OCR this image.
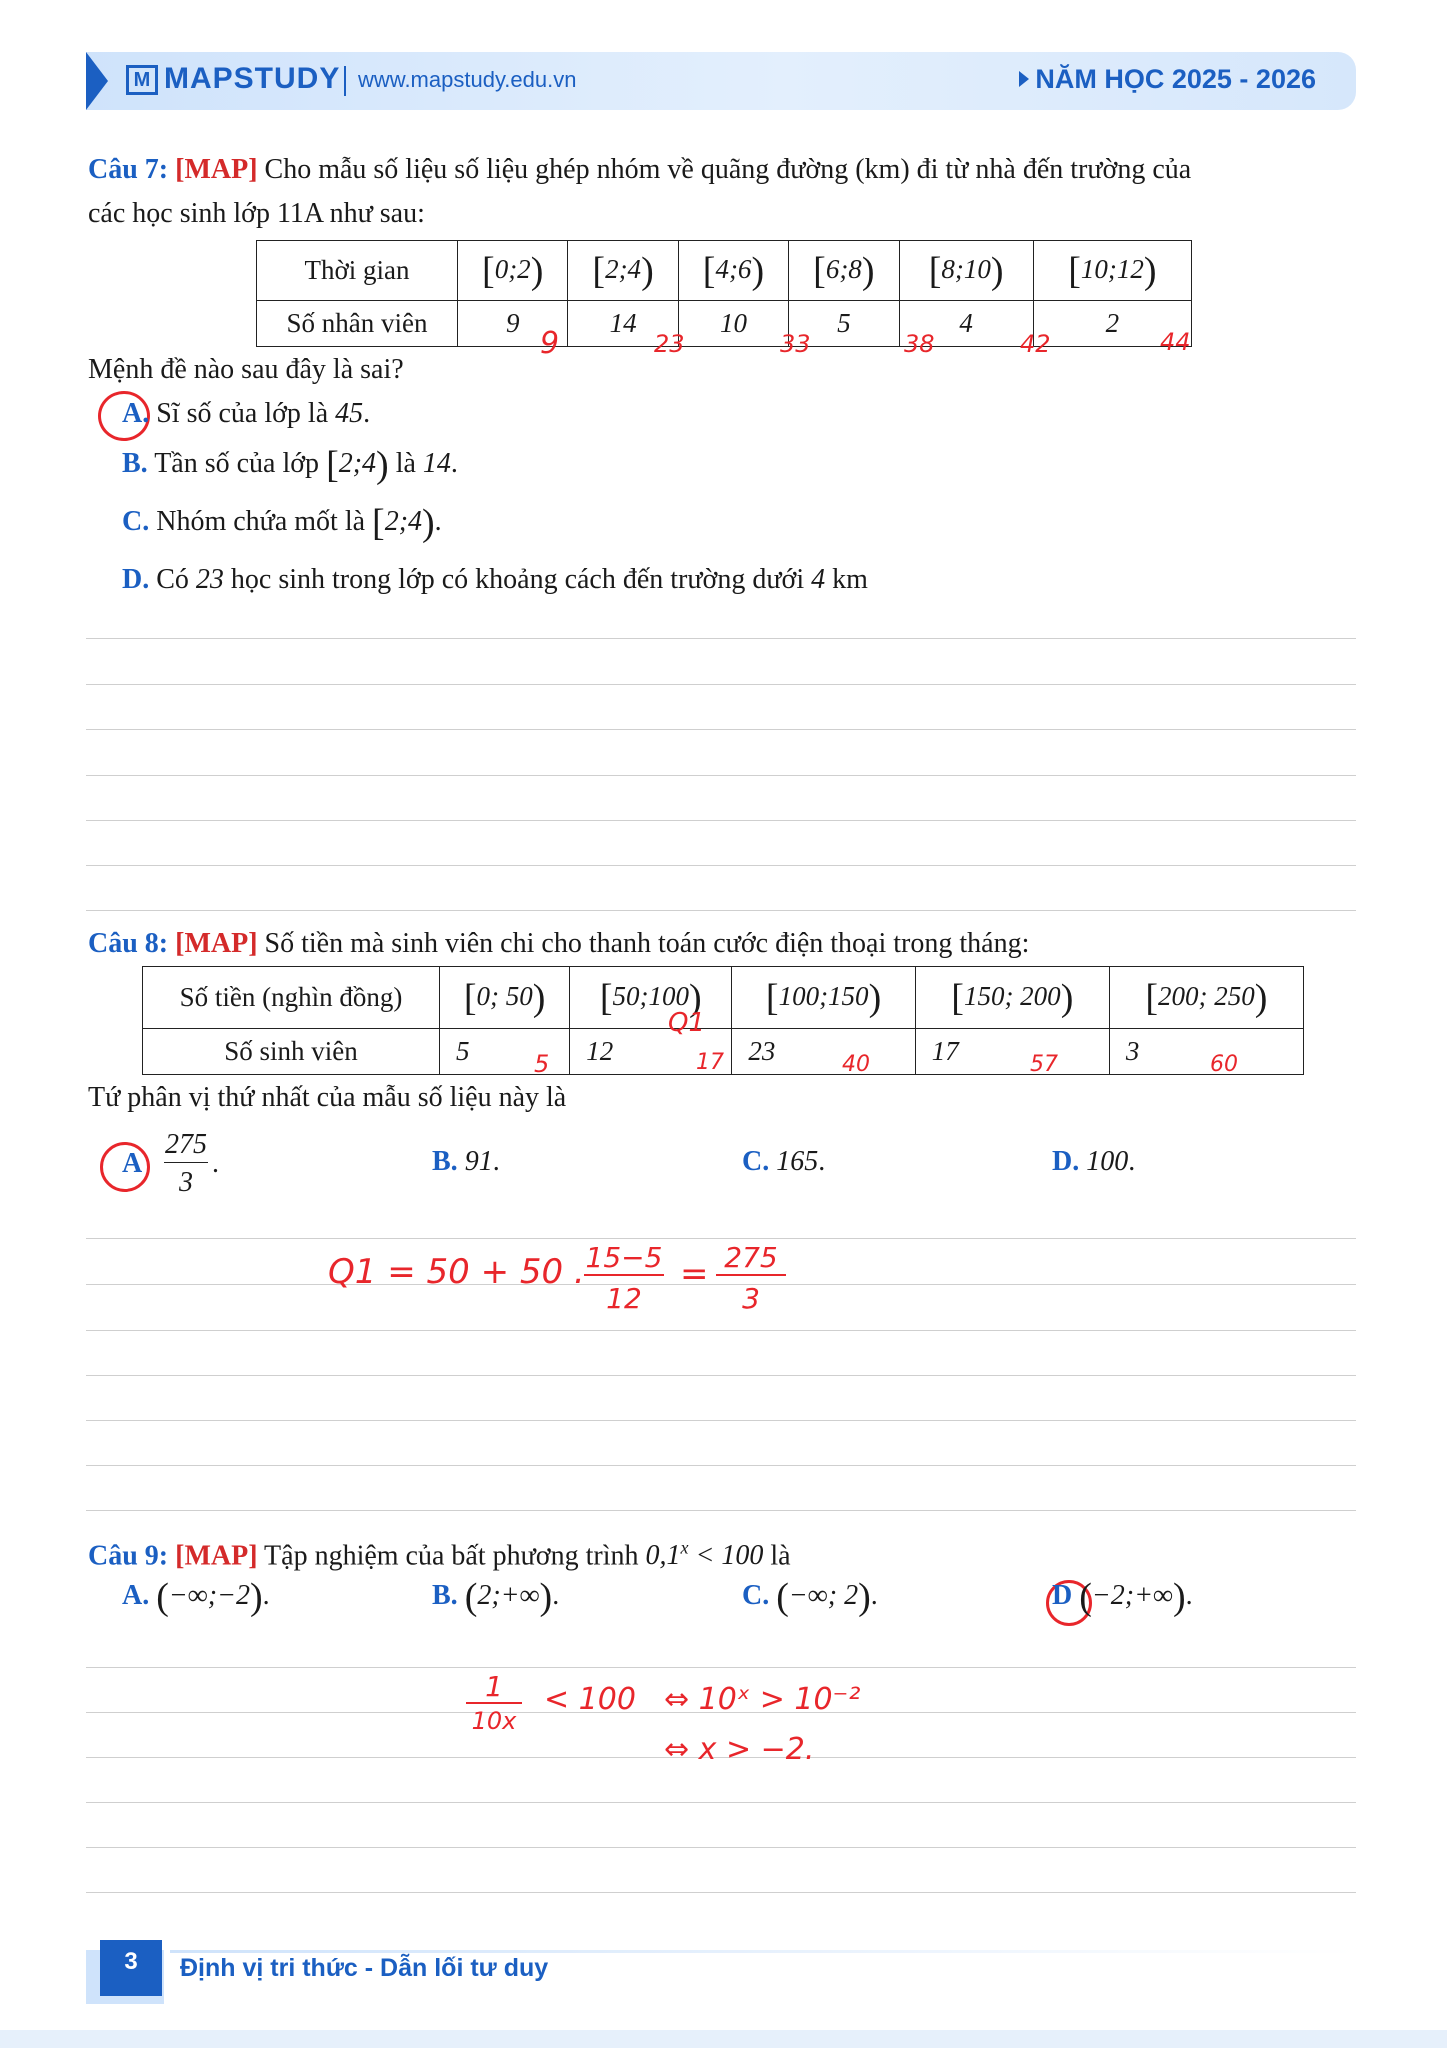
M MAPSTUDY www.mapstudy.edu.vn	NĂM HỌC 2025 - 2026
Câu 7: [MAP] Cho mẫu số liệu số liệu ghép nhóm về quãng đường (km) đi từ nhà đến trường của
các học sinh lớp 11A như sau:
Thời gian	[0;2)	[2;4)	[4;6)	[6;8)	[8;10)	[10;12)
Số nhân viên	9	14	10	5	4	2
9	23	33	38	42	44
Mệnh đề nào sau đây là sai?
A. Sĩ số của lớp là 45.
B. Tần số của lớp [2;4) là 14.
C. Nhóm chứa mốt là [2;4).
D. Có 23 học sinh trong lớp có khoảng cách đến trường dưới 4 km
Câu 8: [MAP] Số tiền mà sinh viên chi cho thanh toán cước điện thoại trong tháng:
Số tiền (nghìn đồng)	[0; 50)	[50;100)	[100;150)	[150; 200)	[200; 250)
Số sinh viên	5	12	23	17	3
Q1
5	17	40	57	60
Tứ phân vị thứ nhất của mẫu số liệu này là
A
275
3
.	B. 91.	C. 165.	D. 100.
Q1 = 50 + 50 . 15−5
12
= 275
3
Câu 9: [MAP] Tập nghiệm của bất phương trình $0,1^x < 100$ là
A. (−∞;−2).	B. (2;+∞).	C. (−∞; 2).	D (−2;+∞).
1
10x
< 100 ⇔ 10ˣ > 10⁻²
⇔ x > −2.
3	Định vị tri thức - Dẫn lối tư duy
